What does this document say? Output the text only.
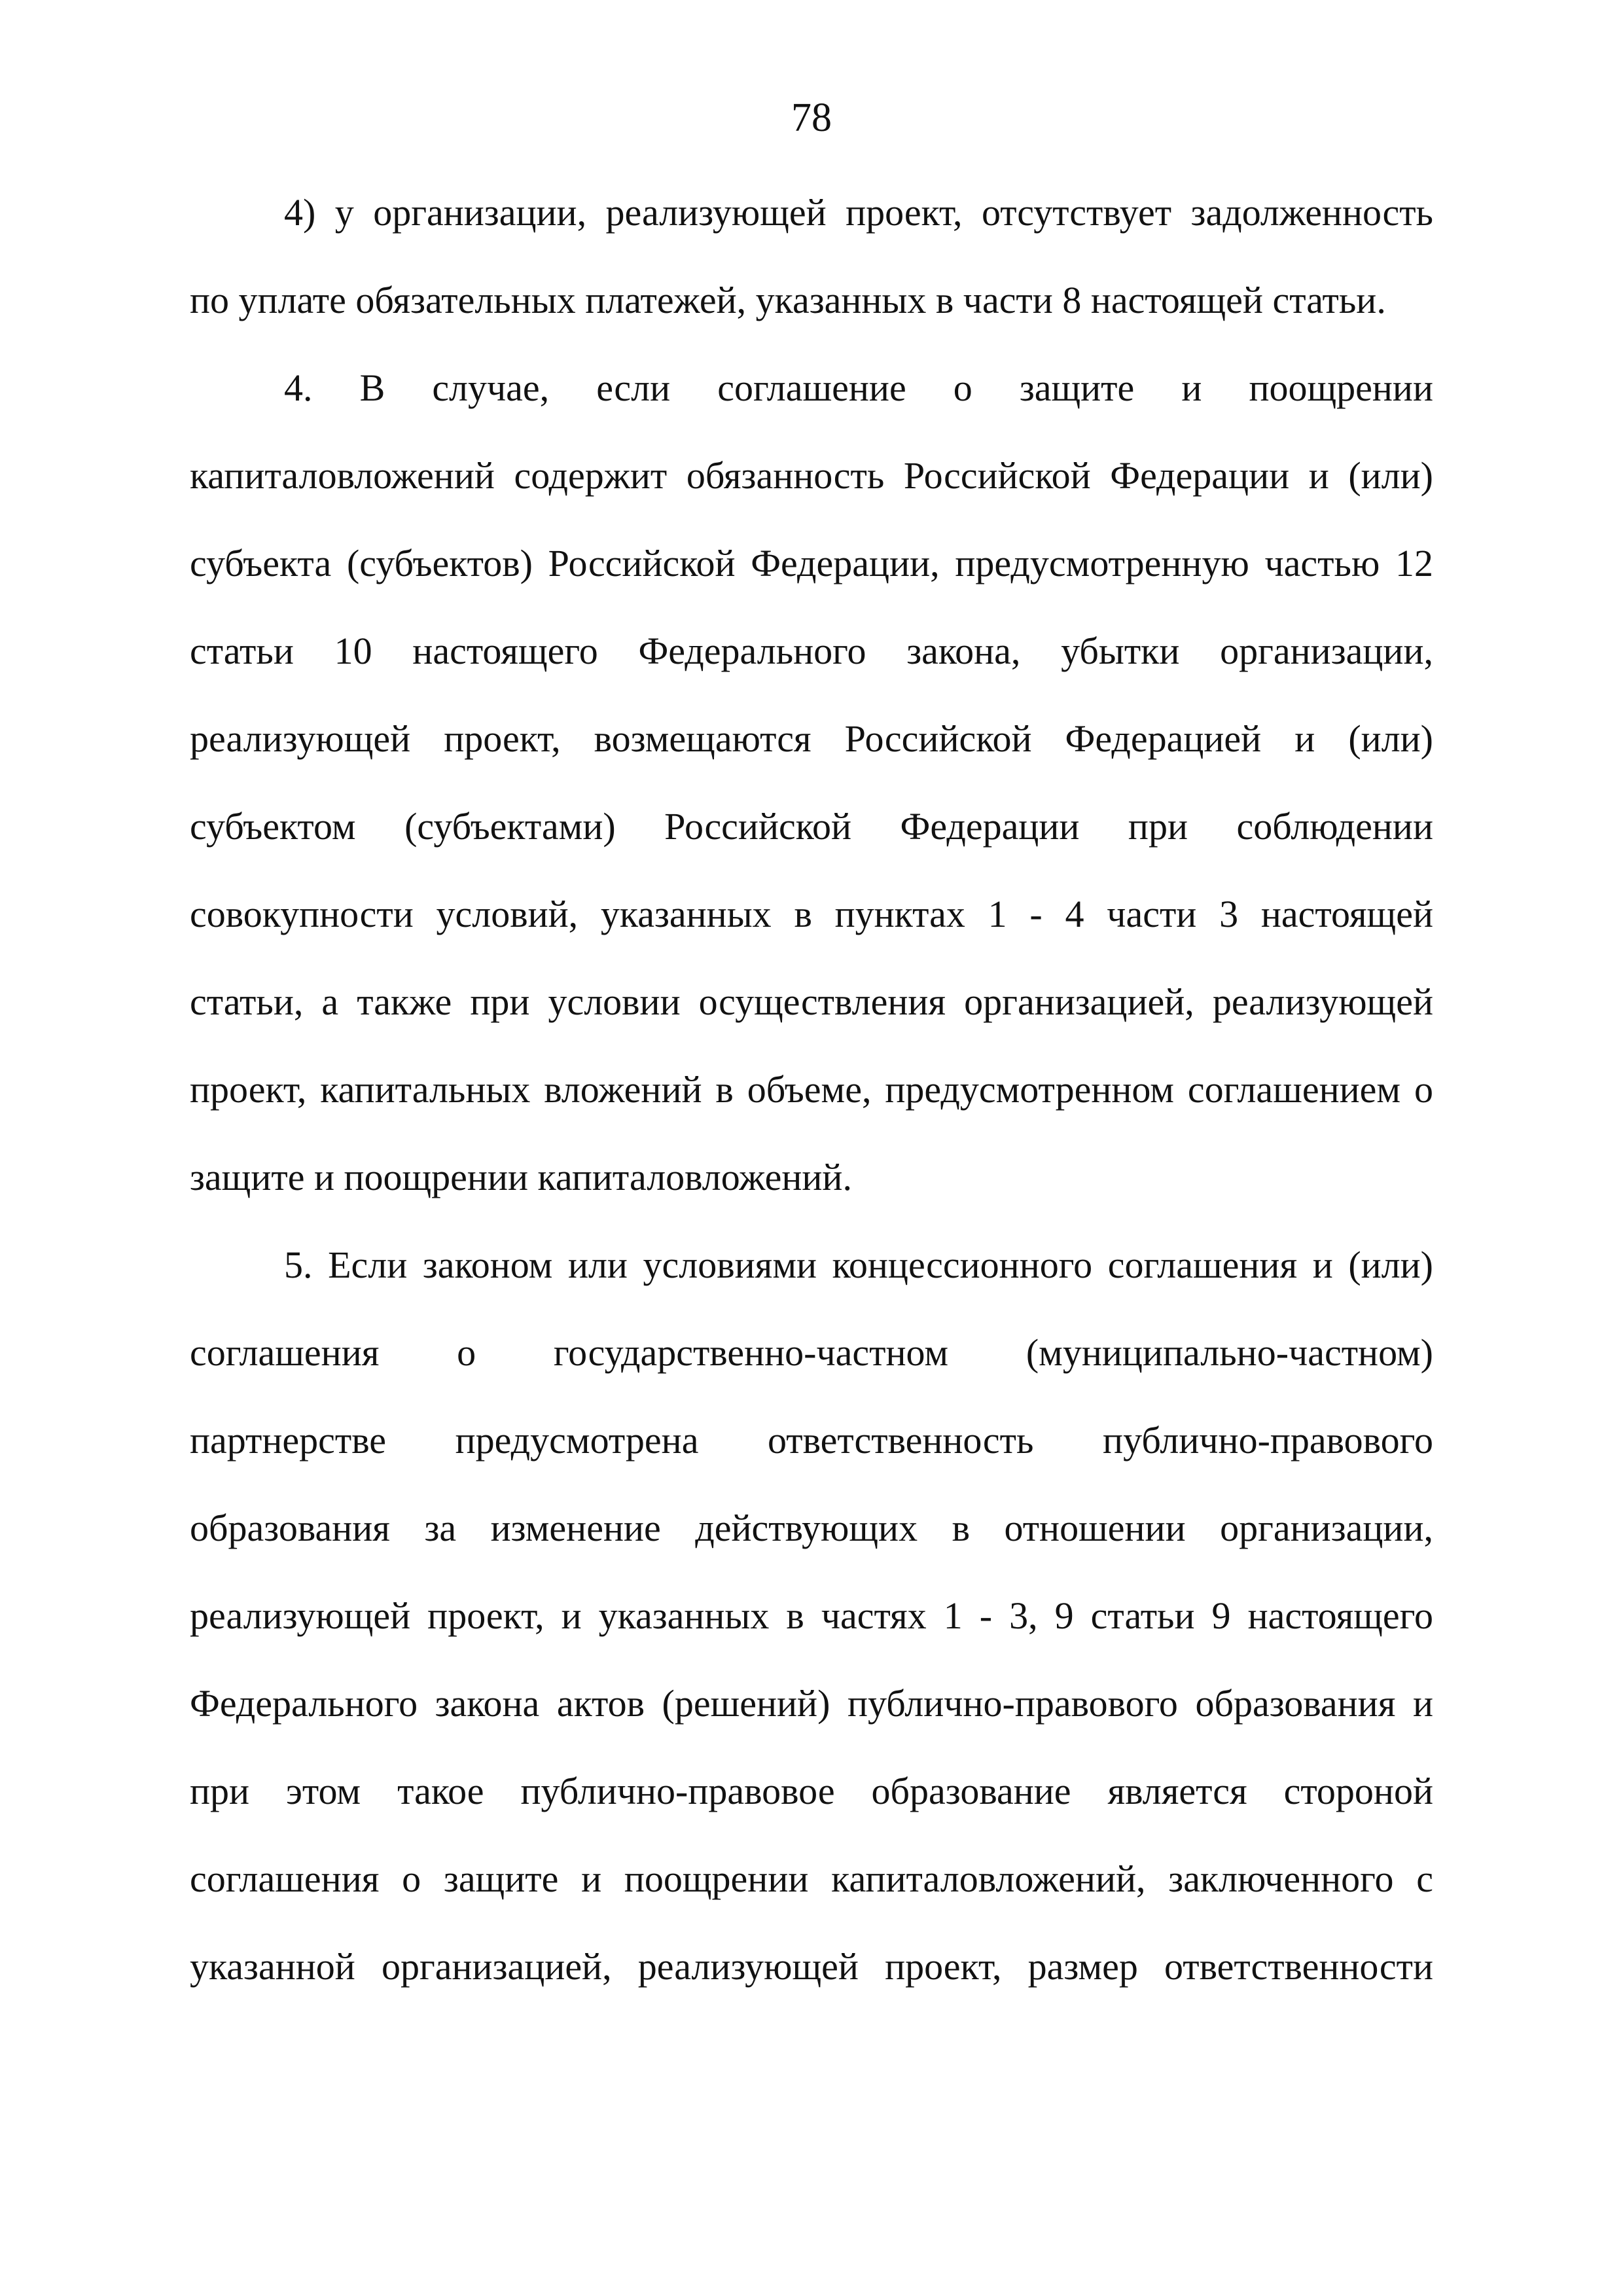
78
4) у организации, реализующей проект, отсутствует задолженность
по уплате обязательных платежей, указанных в части 8 настоящей статьи.
4. В случае, если соглашение о защите и поощрении
капиталовложений содержит обязанность Российской Федерации и (или)
субъекта (субъектов) Российской Федерации, предусмотренную частью 12
статьи 10 настоящего Федерального закона, убытки организации,
реализующей проект, возмещаются Российской Федерацией и (или)
субъектом (субъектами) Российской Федерации при соблюдении
совокупности условий, указанных в пунктах 1 - 4 части 3 настоящей
статьи, а также при условии осуществления организацией, реализующей
проект, капитальных вложений в объеме, предусмотренном соглашением о
защите и поощрении капиталовложений.
5. Если законом или условиями концессионного соглашения и (или)
соглашения о государственно-частном (муниципально-частном)
партнерстве предусмотрена ответственность публично-правового
образования за изменение действующих в отношении организации,
реализующей проект, и указанных в частях 1 - 3, 9 статьи 9 настоящего
Федерального закона актов (решений) публично-правового образования и
при этом такое публично-правовое образование является стороной
соглашения о защите и поощрении капиталовложений, заключенного с
указанной организацией, реализующей проект, размер ответственности
